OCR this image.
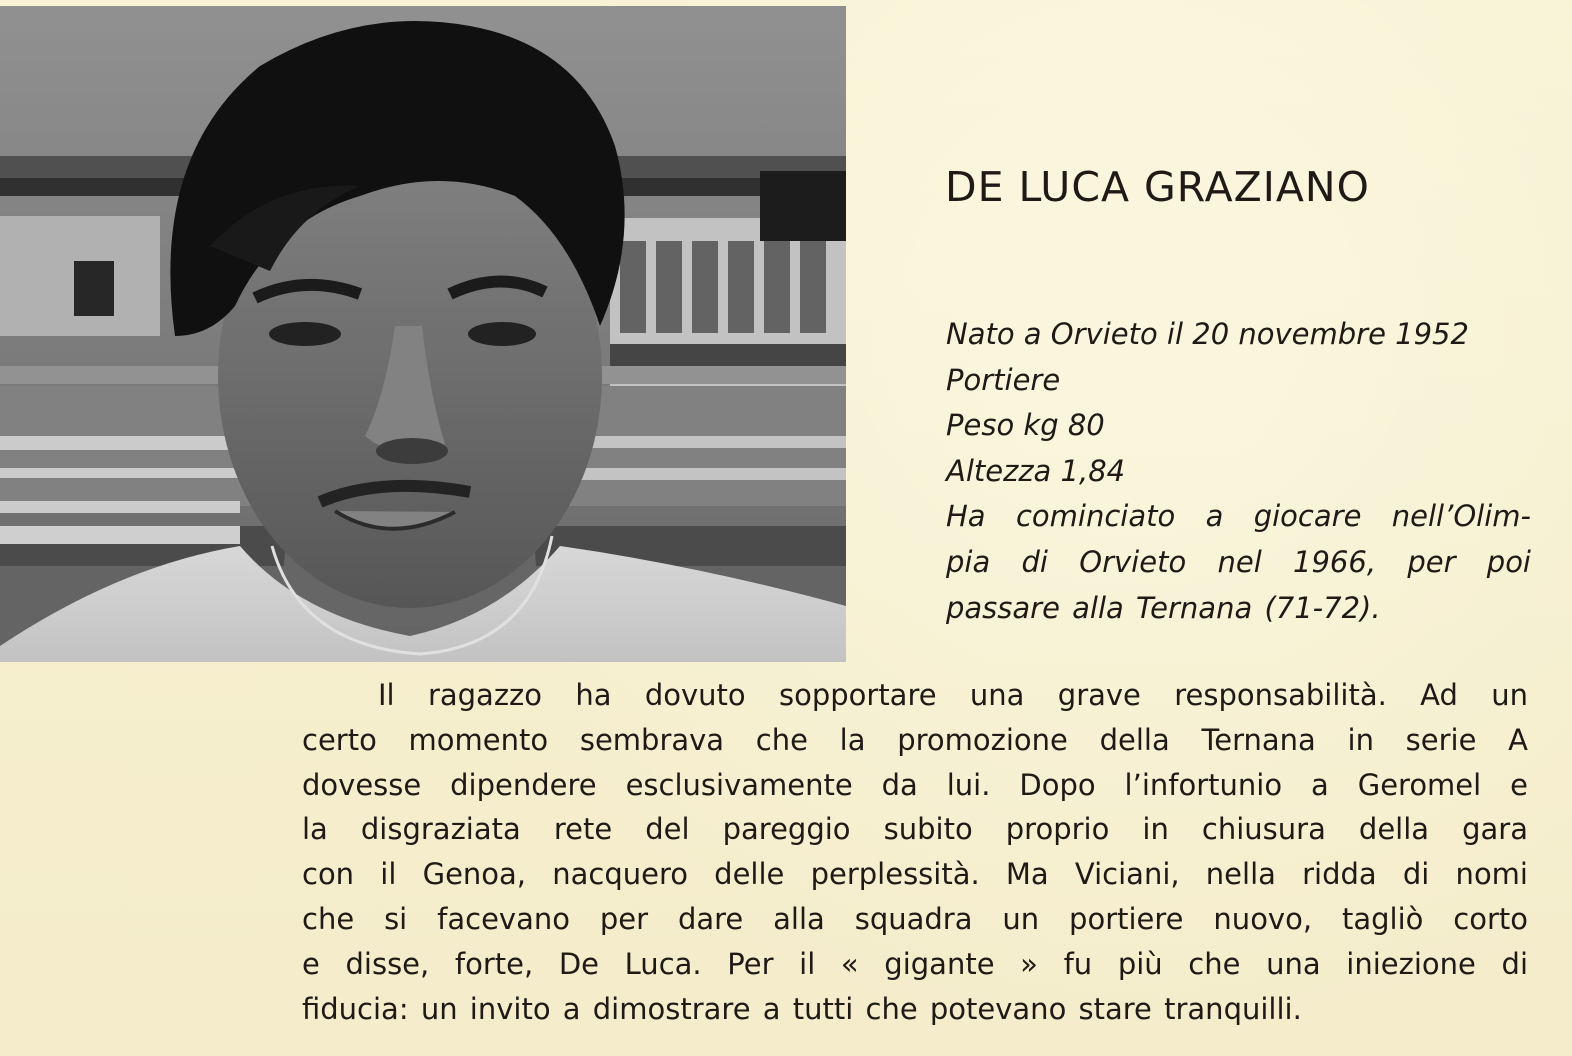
DE LUCA GRAZIANO
Nato a Orvieto il 20 novembre 1952
Portiere
Peso kg 80
Altezza 1,84
Ha cominciato a giocare nell’Olim-
pia di Orvieto nel 1966, per poi
passare alla Ternana (71-72).
Il ragazzo ha dovuto sopportare una grave responsabilità. Ad un
certo momento sembrava che la promozione della Ternana in serie A
dovesse dipendere esclusivamente da lui. Dopo l’infortunio a Geromel e
la disgraziata rete del pareggio subito proprio in chiusura della gara
con il Genoa, nacquero delle perplessità. Ma Viciani, nella ridda di nomi
che si facevano per dare alla squadra un portiere nuovo, tagliò corto
e disse, forte, De Luca. Per il « gigante » fu più che una iniezione di
fiducia: un invito a dimostrare a tutti che potevano stare tranquilli.
